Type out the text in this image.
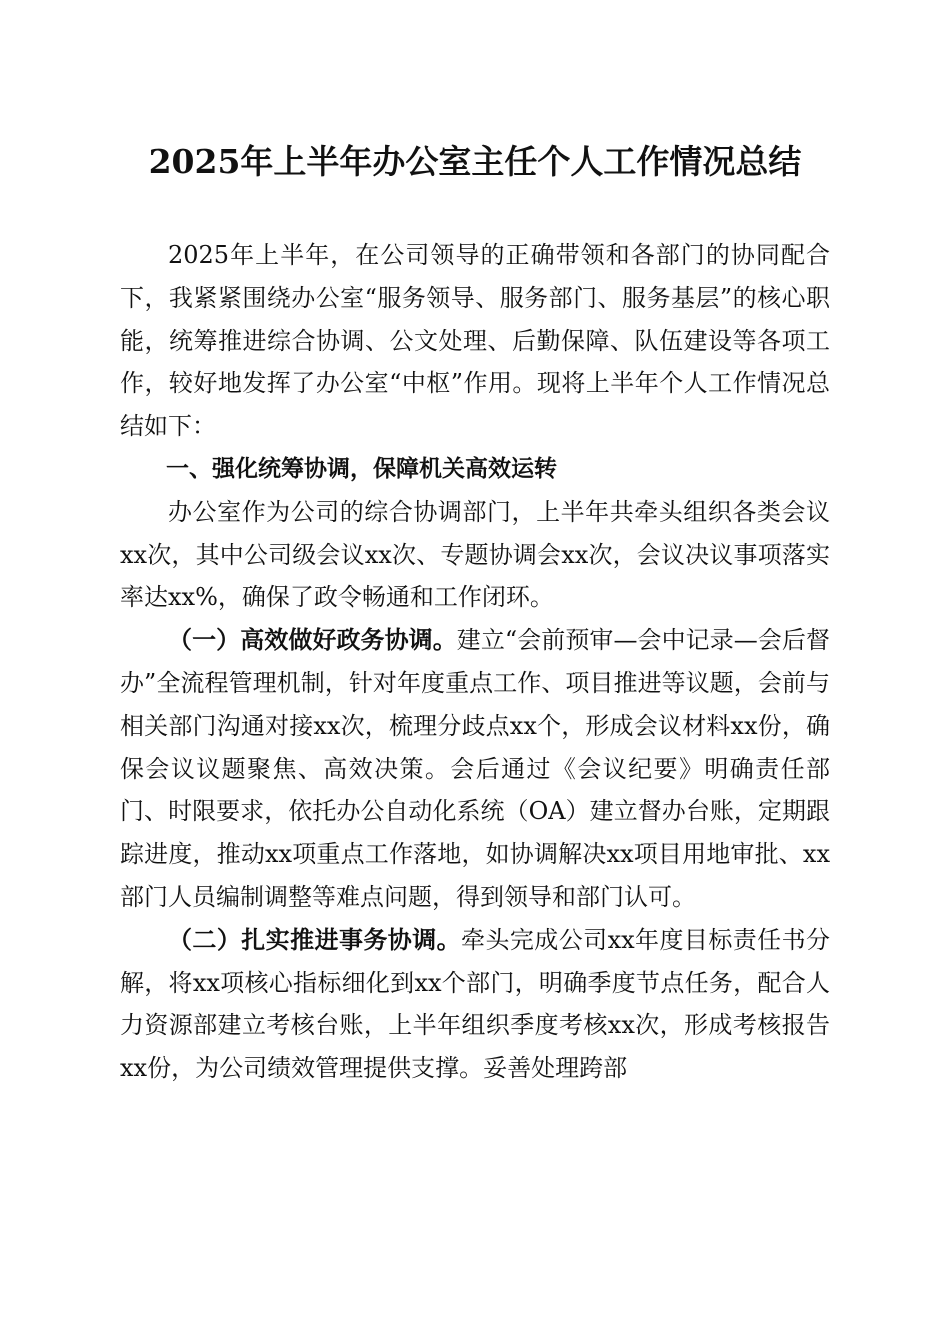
2025年上半年办公室主任个人工作情况总结

2025年上半年，在公司领导的正确带领和各部门的协同配合下，我紧紧围绕办公室“服务领导、服务部门、服务基层”的核心职能，统筹推进综合协调、公文处理、后勤保障、队伍建设等各项工作，较好地发挥了办公室“中枢”作用。现将上半年个人工作情况总结如下：

一、强化统筹协调，保障机关高效运转

办公室作为公司的综合协调部门，上半年共牵头组织各类会议xx次，其中公司级会议xx次、专题协调会xx次，会议决议事项落实率达xx%，确保了政令畅通和工作闭环。

（一）高效做好政务协调。建立“会前预审—会中记录—会后督办”全流程管理机制，针对年度重点工作、项目推进等议题，会前与相关部门沟通对接xx次，梳理分歧点xx个，形成会议材料xx份，确保会议议题聚焦、高效决策。会后通过《会议纪要》明确责任部门、时限要求，依托办公自动化系统（OA）建立督办台账，定期跟踪进度，推动xx项重点工作落地，如协调解决xx项目用地审批、xx部门人员编制调整等难点问题，得到领导和部门认可。

（二）扎实推进事务协调。牵头完成公司xx年度目标责任书分解，将xx项核心指标细化到xx个部门，明确季度节点任务，配合人力资源部建立考核台账，上半年组织季度考核xx次，形成考核报告xx份，为公司绩效管理提供支撑。妥善处理跨部
